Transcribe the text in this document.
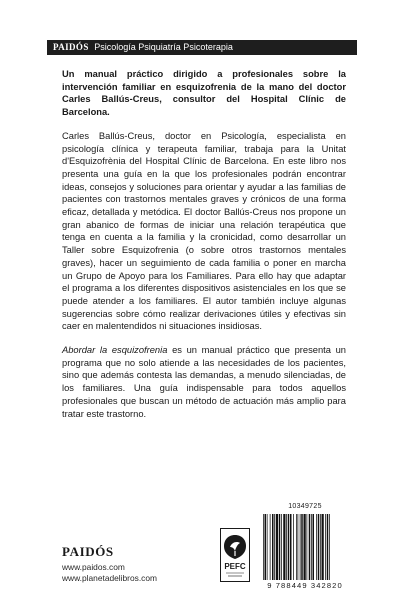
PAIDÓS Psicología Psiquiatría Psicoterapia

Un manual práctico dirigido a profesionales sobre la intervención familiar en esquizofrenia de la mano del doctor Carles Ballús-Creus, consultor del Hospital Clínic de Barcelona.

Carles Ballús-Creus, doctor en Psicología, especialista en psicología clínica y terapeuta familiar, trabaja para la Unitat d'Esquizofrènia del Hospital Clínic de Barcelona. En este libro nos presenta una guía en la que los profesionales podrán encontrar ideas, consejos y soluciones para orientar y ayudar a las familias de pacientes con trastornos mentales graves y crónicos de una forma eficaz, detallada y metódica. El doctor Ballús-Creus nos propone un gran abanico de formas de iniciar una relación terapéutica que tenga en cuenta a la familia y la cronicidad, como desarrollar un Taller sobre Esquizofrenia (o sobre otros trastornos mentales graves), hacer un seguimiento de cada familia o poner en marcha un Grupo de Apoyo para los Familiares. Para ello hay que adaptar el programa a los diferentes dispositivos asistenciales en los que se puede atender a los familiares. El autor también incluye algunas sugerencias sobre cómo realizar derivaciones útiles y efectivas sin caer en malentendidos ni situaciones insidiosas.

Abordar la esquizofrenia es un manual práctico que presenta un programa que no solo atiende a las necesidades de los pacientes, sino que además contesta las demandas, a menudo silenciadas, de los familiares. Una guía indispensable para todos aquellos profesionales que buscan un método de actuación más amplio para tratar este trastorno.

PAIDÓS
www.paidos.com
www.planetadelibros.com
PEFC
10349725
9 788449 342820
